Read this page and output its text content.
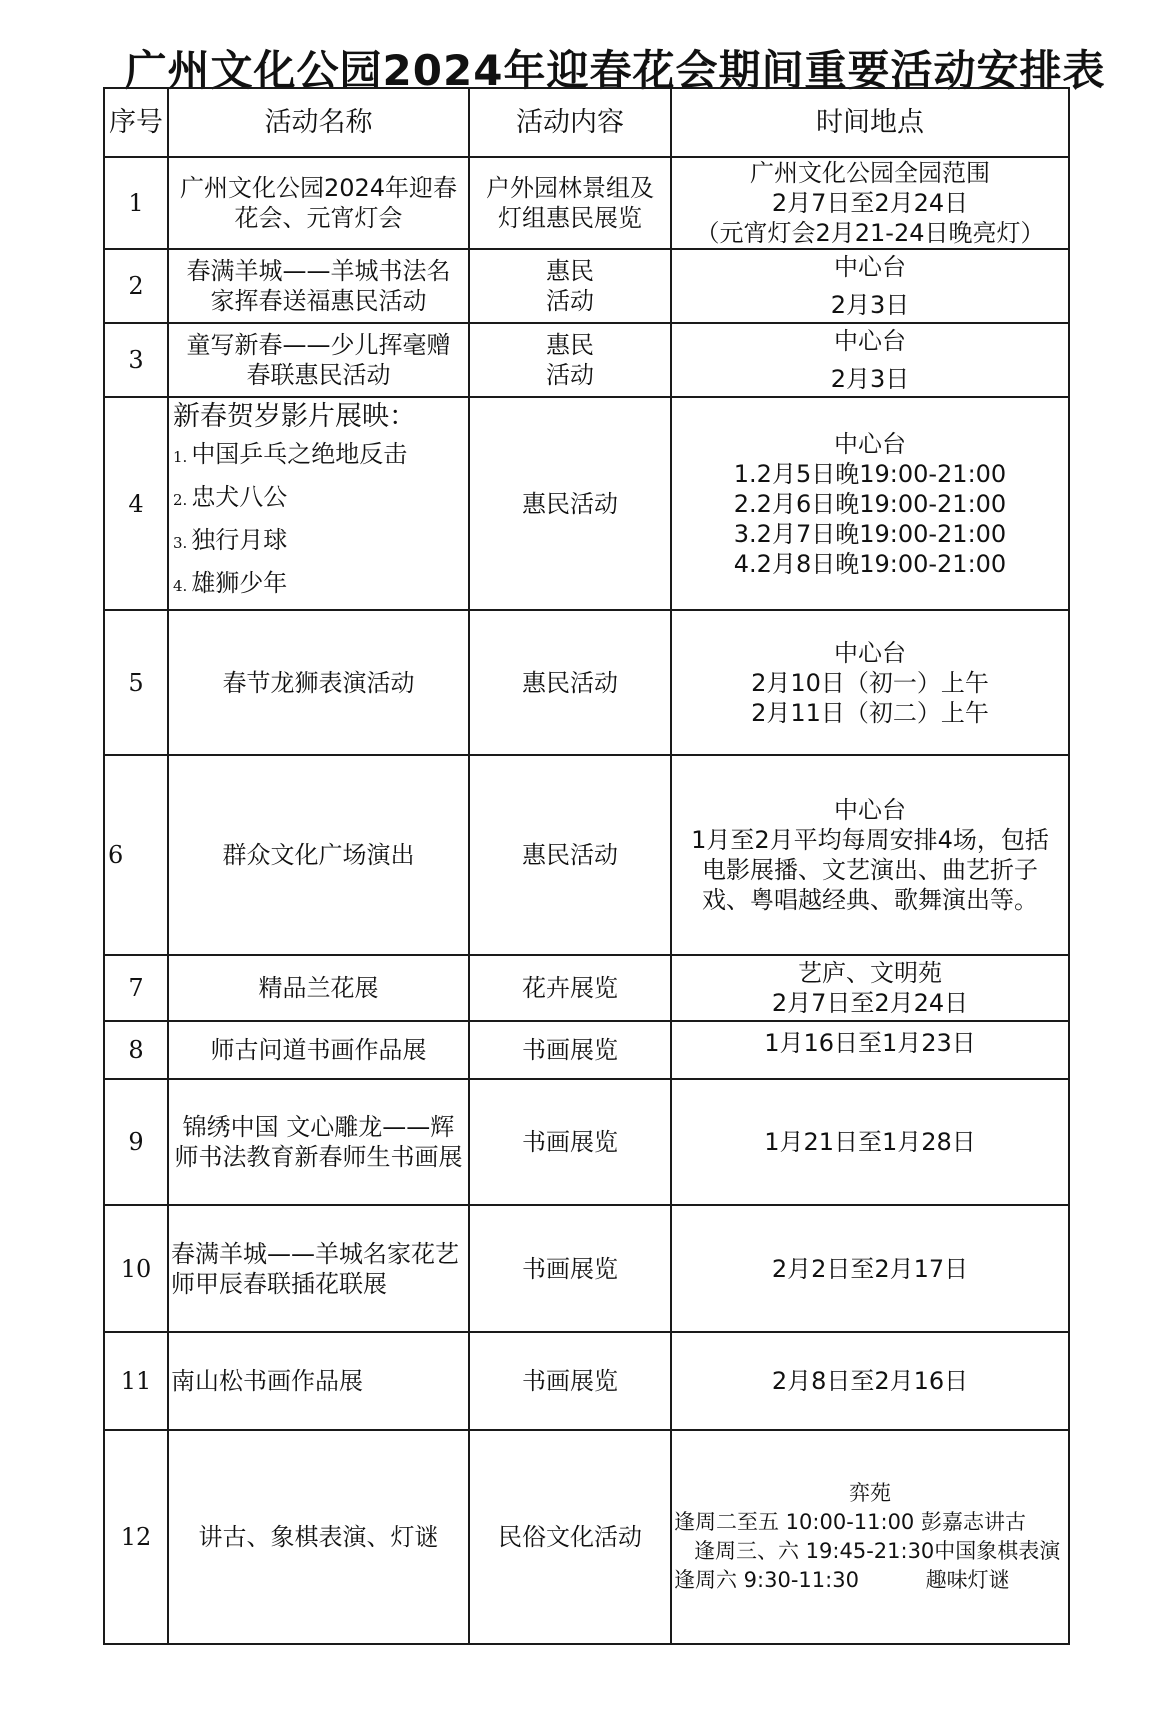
广州文化公园2024年迎春花会期间重要活动安排表
序号	活动名称	活动内容	时间地点
1	广州文化公园2024年迎春花会、元宵灯会	户外园林景组及灯组惠民展览	广州文化公园全园范围
2月7日至2月24日
（元宵灯会2月21-24日晚亮灯）

2	春满羊城——羊城书法名家挥春送福惠民活动	惠民活动	中心台
2月3日

3	童写新春——少儿挥毫赠春联惠民活动	惠民活动	中心台
2月3日

4	新春贺岁影片展映：
1. 中国乒乓之绝地反击
2. 忠犬八公
3. 独行月球
4. 雄狮少年	惠民活动	中心台
1.2月5日晚19:00-21:00
2.2月6日晚19:00-21:00
3.2月7日晚19:00-21:00
4.2月8日晚19:00-21:00

5	春节龙狮表演活动	惠民活动	中心台
2月10日（初一）上午
2月11日（初二）上午

6	群众文化广场演出	惠民活动	中心台
1月至2月平均每周安排4场，包括电影展播、文艺演出、曲艺折子戏、粤唱越经典、歌舞演出等。

7	精品兰花展	花卉展览	艺庐、文明苑
2月7日至2月24日

8	师古问道书画作品展	书画展览	1月16日至1月23日

9	锦绣中国 文心雕龙——辉师书法教育新春师生书画展	书画展览	1月21日至1月28日

10	春满羊城——羊城名家花艺师甲辰春联插花联展	书画展览	2月2日至2月17日

11	南山松书画作品展	书画展览	2月8日至2月16日

12	讲古、象棋表演、灯谜	民俗文化活动	弈苑
逢周二至五 10:00-11:00 彭嘉志讲古
逢周三、六 19:45-21:30中国象棋表演
逢周六 9:30-11:30          趣味灯谜
